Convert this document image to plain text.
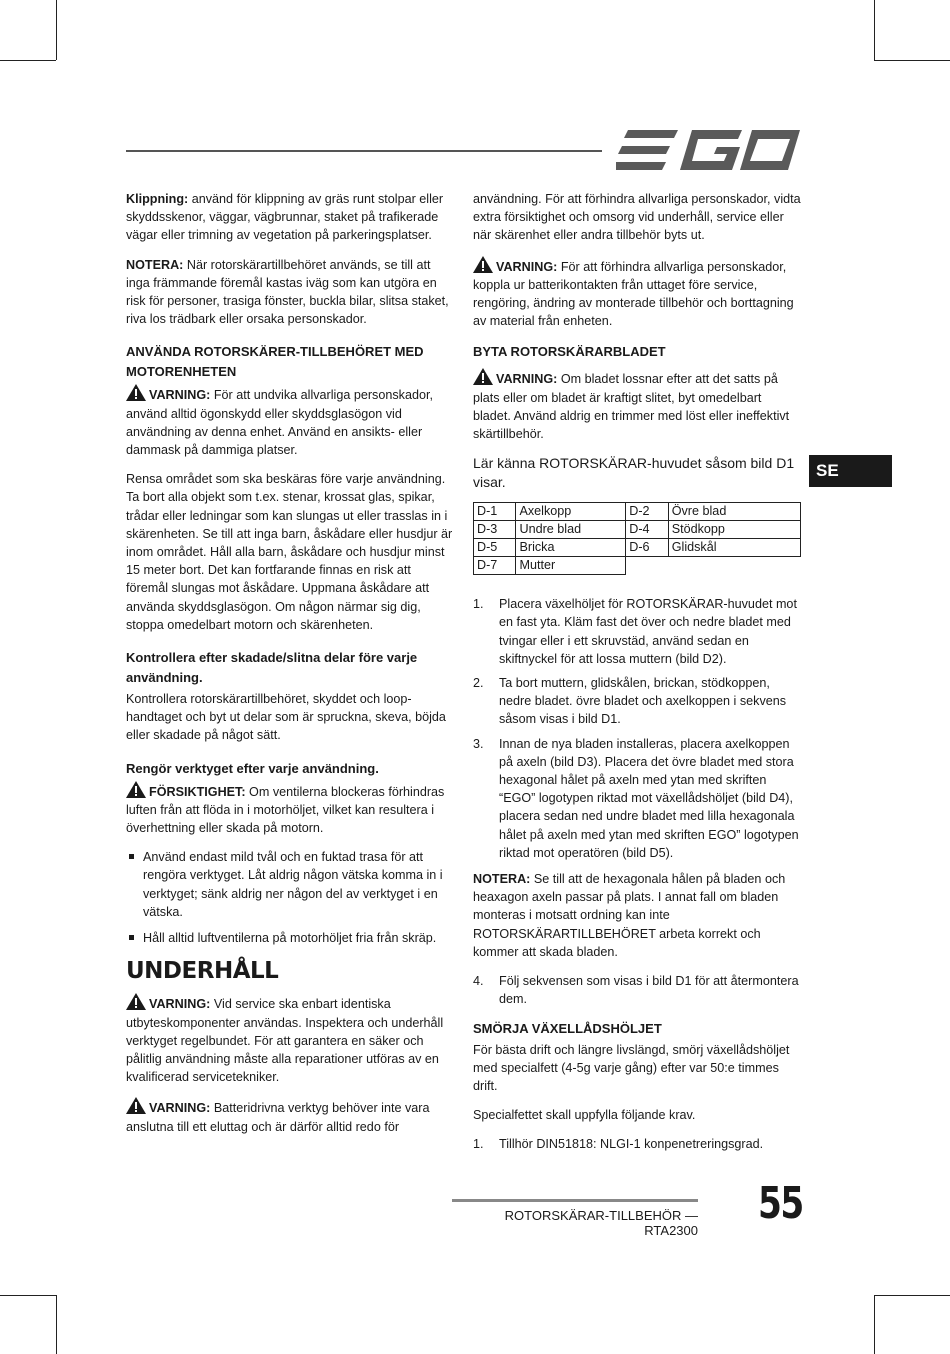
SE

Klippning: använd för klippning av gräs runt stolpar eller skyddsskenor, väggar, vägbrunnar, staket på trafikerade vägar eller trimning av vegetation på parkeringsplatser.

NOTERA: När rotorskärartillbehöret används, se till att inga främmande föremål kastas iväg som kan utgöra en risk för personer, trasiga fönster, buckla bilar, slitsa staket, riva los trädbark eller orsaka personskador.

ANVÄNDA ROTORSKÄRER-TILLBEHÖRET MED MOTORENHETEN

VARNING: För att undvika allvarliga personskador, använd alltid ögonskydd eller skyddsglasögon vid användning av denna enhet. Använd en ansikts- eller dammask på dammiga platser.

Rensa området som ska beskäras före varje användning. Ta bort alla objekt som t.ex. stenar, krossat glas, spikar, trådar eller ledningar som kan slungas ut eller trasslas in i skärenheten. Se till att inga barn, åskådare eller husdjur är inom området. Håll alla barn, åskådare och husdjur minst 15 meter bort. Det kan fortfarande finnas en risk att föremål slungas mot åskådare. Uppmana åskådare att använda skyddsglasögon. Om någon närmar sig dig, stoppa omedelbart motorn och skärenheten.

Kontrollera efter skadade/slitna delar före varje användning.

Kontrollera rotorskärartillbehöret, skyddet och loop-handtaget och byt ut delar som är spruckna, skeva, böjda eller skadade på något sätt.

Rengör verktyget efter varje användning.

FÖRSIKTIGHET: Om ventilerna blockeras förhindras luften från att flöda in i motorhöljet, vilket kan resultera i överhettning eller skada på motorn.

Använd endast mild tvål och en fuktad trasa för att rengöra verktyget. Låt aldrig någon vätska komma in i verktyget; sänk aldrig ner någon del av verktyget i en vätska.
Håll alltid luftventilerna på motorhöljet fria från skräp.
UNDERHÅLL

VARNING: Vid service ska enbart identiska utbyteskomponenter användas. Inspektera och underhåll verktyget regelbundet. För att garantera en säker och pålitlig användning måste alla reparationer utföras av en kvalificerad servicetekniker.

VARNING: Batteridrivna verktyg behöver inte vara anslutna till ett eluttag och är därför alltid redo för

användning. För att förhindra allvarliga personskador, vidta extra försiktighet och omsorg vid underhåll, service eller när skärenhet eller andra tillbehör byts ut.

VARNING: För att förhindra allvarliga personskador, koppla ur batterikontakten från uttaget före service, rengöring, ändring av monterade tillbehör och borttagning av material från enheten.

BYTA ROTORSKÄRARBLADET

VARNING: Om bladet lossnar efter att det satts på plats eller om bladet är kraftigt slitet, byt omedelbart bladet. Använd aldrig en trimmer med löst eller ineffektivt skärtillbehör.

Lär känna ROTORSKÄRAR-huvudet såsom bild D1 visar.

D-1	Axelkopp	D-2	Övre blad
D-3	Undre blad	D-4	Stödkopp
D-5	Bricka	D-6	Glidskål
D-7	Mutter		
1. Placera växelhöljet för ROTORSKÄRAR-huvudet mot en fast yta. Kläm fast det över och nedre bladet med tvingar eller i ett skruvstäd, använd sedan en skiftnyckel för att lossa muttern (bild D2).
2. Ta bort muttern, glidskålen, brickan, stödkoppen, nedre bladet. övre bladet och axelkoppen i sekvens såsom visas i bild D1.
3. Innan de nya bladen installeras, placera axelkoppen på axeln (bild D3). Placera det övre bladet med stora hexagonal hålet på axeln med ytan med skriften “EGO” logotypen riktad mot växellådshöljet (bild D4), placera sedan ned undre bladet med lilla hexagonala hålet på axeln med ytan med skriften EGO” logotypen riktad mot operatören (bild D5).

NOTERA: Se till att de hexagonala hålen på bladen och heaxagon axeln passar på plats. I annat fall om bladen monteras i motsatt ordning kan inte ROTORSKÄRARTILLBEHÖRET arbeta korrekt och kommer att skada bladen.

4. Följ sekvensen som visas i bild D1 för att återmontera dem.
SMÖRJA VÄXELLÅDSHÖLJET

För bästa drift och längre livslängd, smörj växellådshöljet med specialfett (4-5g varje gång) efter var 50:e timmes drift.

Specialfettet skall uppfylla följande krav.

1. Tillhör DIN51818: NLGI-1 konpenetreringsgrad.
ROTORSKÄRAR-TILLBEHÖR — RTA2300
55
